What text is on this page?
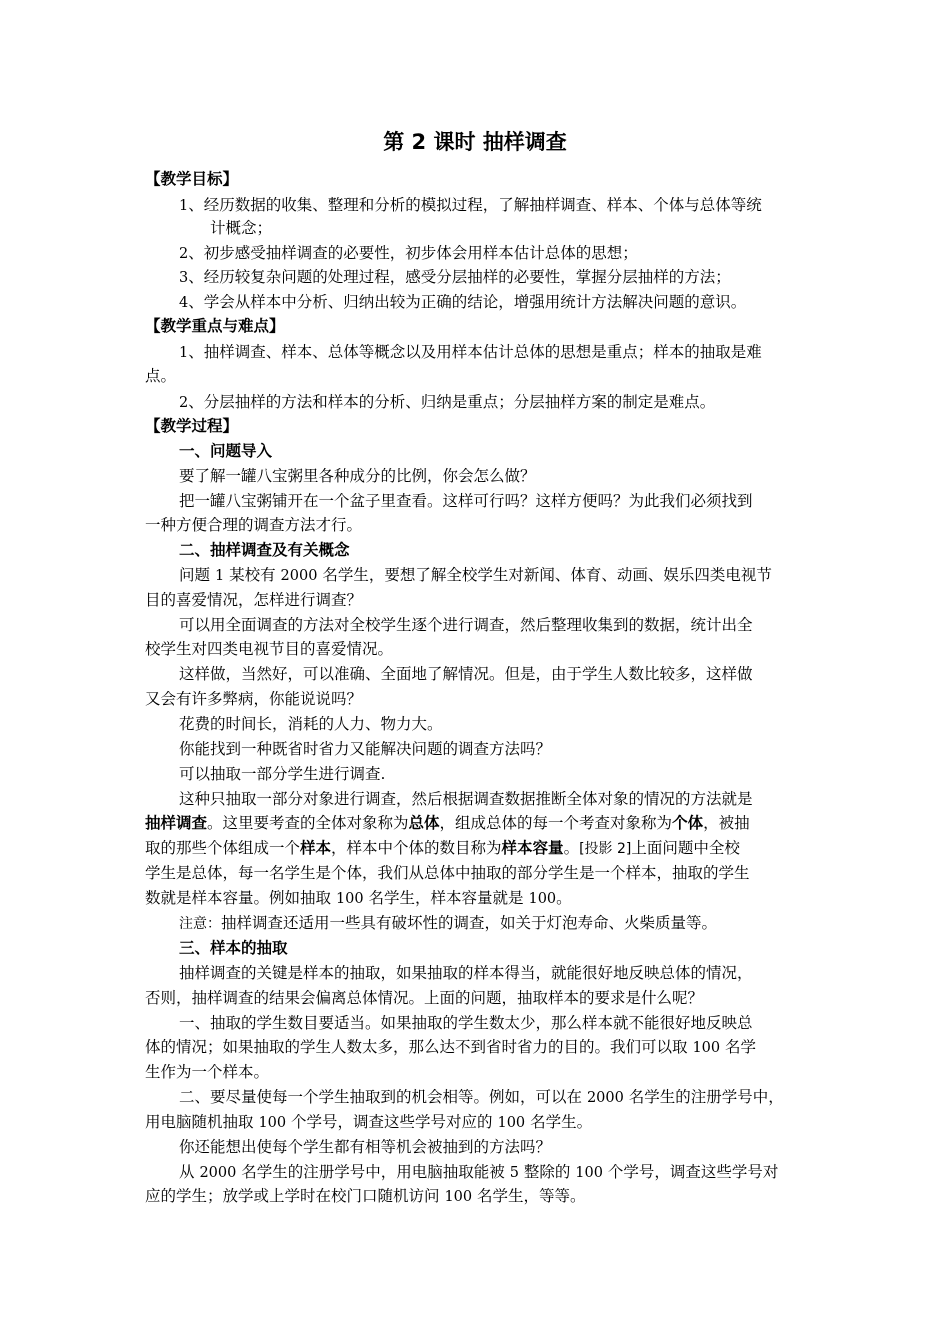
第 2 课时 抽样调查
【教学目标】
1、经历数据的收集、整理和分析的模拟过程，了解抽样调查、样本、个体与总体等统
计概念；
2、初步感受抽样调查的必要性，初步体会用样本估计总体的思想；
3、经历较复杂问题的处理过程，感受分层抽样的必要性，掌握分层抽样的方法；
4、学会从样本中分析、归纳出较为正确的结论，增强用统计方法解决问题的意识。
【教学重点与难点】
1、抽样调查、样本、总体等概念以及用样本估计总体的思想是重点；样本的抽取是难
点。
2、分层抽样的方法和样本的分析、归纳是重点；分层抽样方案的制定是难点。
【教学过程】
一、问题导入
要了解一罐八宝粥里各种成分的比例，你会怎么做？
把一罐八宝粥铺开在一个盆子里查看。这样可行吗？这样方便吗？为此我们必须找到
一种方便合理的调查方法才行。
二、抽样调查及有关概念
问题 1 某校有 2000 名学生，要想了解全校学生对新闻、体育、动画、娱乐四类电视节
目的喜爱情况，怎样进行调查？
可以用全面调查的方法对全校学生逐个进行调查，然后整理收集到的数据，统计出全
校学生对四类电视节目的喜爱情况。
这样做，当然好，可以准确、全面地了解情况。但是，由于学生人数比较多，这样做
又会有许多弊病，你能说说吗？
花费的时间长，消耗的人力、物力大。
你能找到一种既省时省力又能解决问题的调查方法吗？
可以抽取一部分学生进行调查.
这种只抽取一部分对象进行调查，然后根据调查数据推断全体对象的情况的方法就是
抽样调查。这里要考查的全体对象称为总体，组成总体的每一个考查对象称为个体，被抽
取的那些个体组成一个样本，样本中个体的数目称为样本容量。[投影 2]上面问题中全校
学生是总体，每一名学生是个体，我们从总体中抽取的部分学生是一个样本，抽取的学生
数就是样本容量。例如抽取 100 名学生，样本容量就是 100。
注意：抽样调查还适用一些具有破坏性的调查，如关于灯泡寿命、火柴质量等。
三、样本的抽取
抽样调查的关键是样本的抽取，如果抽取的样本得当，就能很好地反映总体的情况，
否则，抽样调查的结果会偏离总体情况。上面的问题，抽取样本的要求是什么呢？
一、抽取的学生数目要适当。如果抽取的学生数太少，那么样本就不能很好地反映总
体的情况；如果抽取的学生人数太多，那么达不到省时省力的目的。我们可以取 100 名学
生作为一个样本。
二、要尽量使每一个学生抽取到的机会相等。例如，可以在 2000 名学生的注册学号中，
用电脑随机抽取 100 个学号，调查这些学号对应的 100 名学生。
你还能想出使每个学生都有相等机会被抽到的方法吗？
从 2000 名学生的注册学号中，用电脑抽取能被 5 整除的 100 个学号，调查这些学号对
应的学生；放学或上学时在校门口随机访问 100 名学生，等等。
